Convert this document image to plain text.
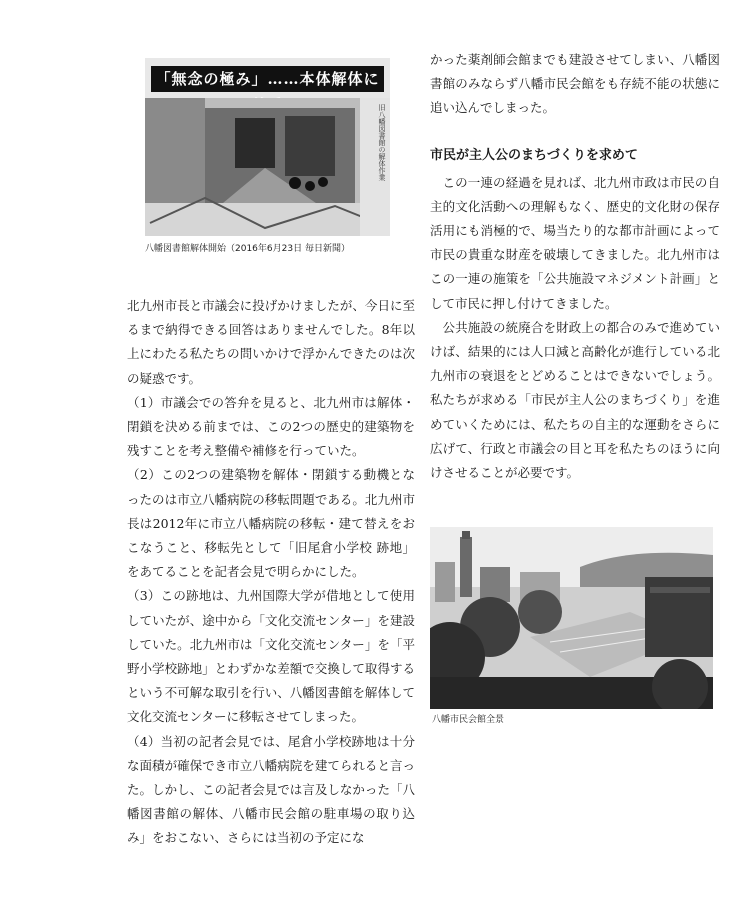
「無念の極み」……本体解体に
旧八幡図書館の解体作業
八幡図書館解体開始（2016年6月23日 毎日新聞）

北九州市長と市議会に投げかけましたが、今日に至るまで納得できる回答はありませんでした。8年以上にわたる私たちの問いかけで浮かんできたのは次の疑惑です。

（1）市議会での答弁を見ると、北九州市は解体・閉鎖を決める前までは、この2つの歴史的建築物を残すことを考え整備や補修を行っていた。

（2）この2つの建築物を解体・閉鎖する動機となったのは市立八幡病院の移転問題である。北九州市長は2012年に市立八幡病院の移転・建て替えをおこなうこと、移転先として「旧尾倉小学校 跡地」をあてることを記者会見で明らかにした。

（3）この跡地は、九州国際大学が借地として使用していたが、途中から「文化交流センター」を建設していた。北九州市は「文化交流センター」を「平野小学校跡地」とわずかな差額で交換して取得するという不可解な取引を行い、八幡図書館を解体して文化交流センターに移転させてしまった。

（4）当初の記者会見では、尾倉小学校跡地は十分な面積が確保でき市立八幡病院を建てられると言った。しかし、この記者会見では言及しなかった「八幡図書館の解体、八幡市民会館の駐車場の取り込み」をおこない、さらには当初の予定にな

かった薬剤師会館までも建設させてしまい、八幡図書館のみならず八幡市民会館をも存続不能の状態に追い込んでしまった。

市民が主人公のまちづくりを求めて

この一連の経過を見れば、北九州市政は市民の自主的文化活動への理解もなく、歴史的文化財の保存活用にも消極的で、場当たり的な都市計画によって市民の貴重な財産を破壊してきました。北九州市はこの一連の施策を「公共施設マネジメント計画」として市民に押し付けてきました。

公共施設の統廃合を財政上の都合のみで進めていけば、結果的には人口減と高齢化が進行している北九州市の衰退をとどめることはできないでしょう。私たちが求める「市民が主人公のまちづくり」を進めていくためには、私たちの自主的な運動をさらに広げて、行政と市議会の目と耳を私たちのほうに向けさせることが必要です。

八幡市民会館全景
